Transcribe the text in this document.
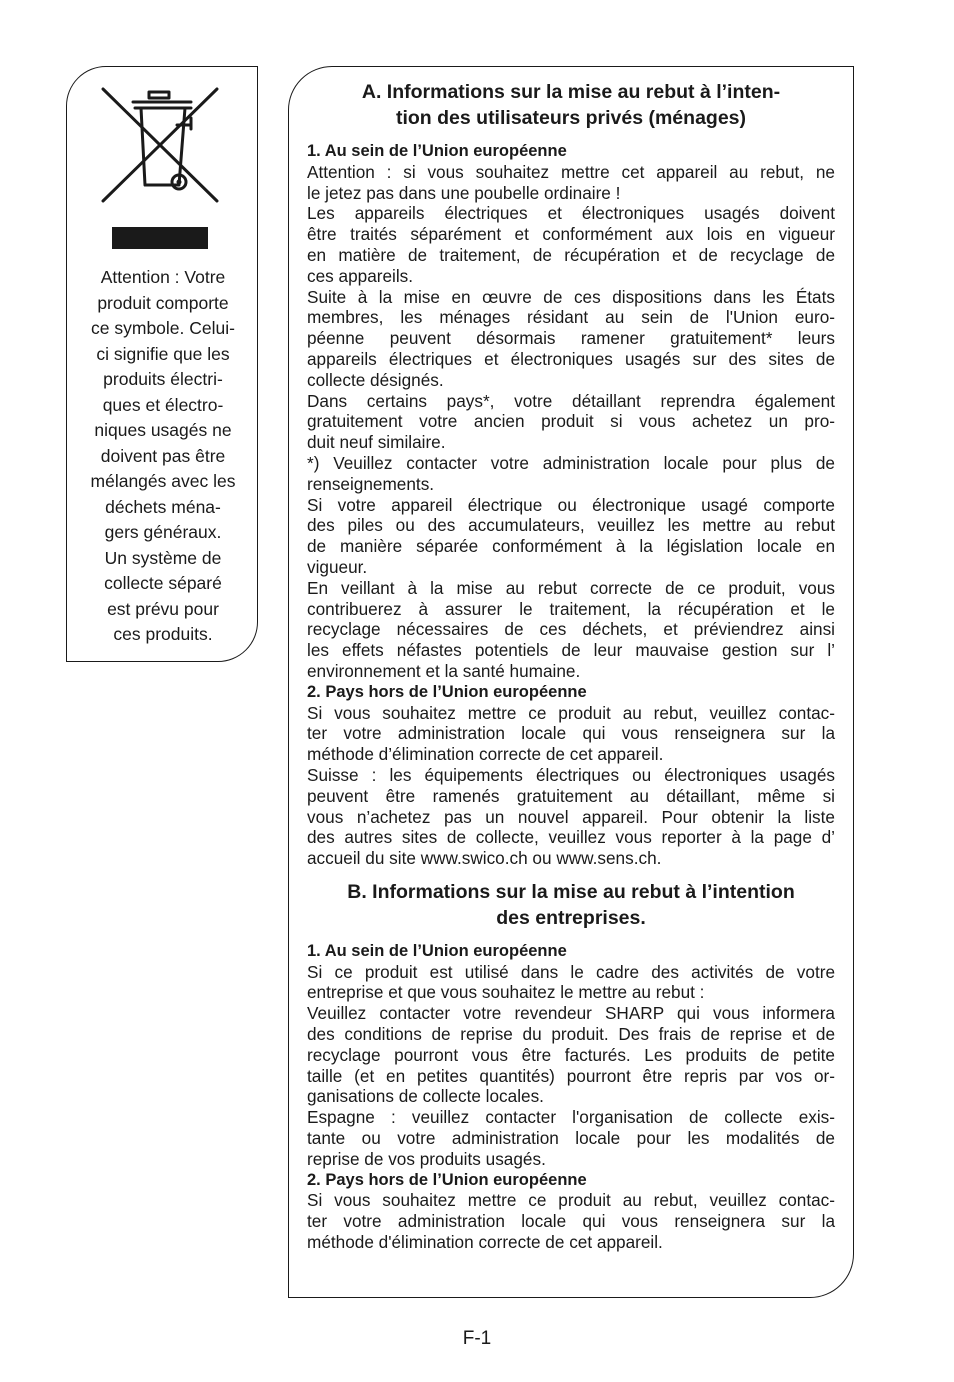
Attention : Votre
produit comporte
ce symbole. Celui-
ci signifie que les
produits électri-
ques et électro-
niques usagés ne
doivent pas être
mélangés avec les
déchets ména-
gers généraux.
Un système de
collecte séparé
est prévu pour
ces produits.
A. Informations sur la mise au rebut à l’inten-
tion des utilisateurs privés (ménages)
1. Au sein de l’Union européenne
Attention : si vous souhaitez mettre cet appareil au rebut, ne
le jetez pas dans une poubelle ordinaire !
Les appareils électriques et électroniques usagés doivent
être traités séparément et conformément aux lois en vigueur
en matière de traitement, de récupération et de recyclage de
ces appareils.
Suite à la mise en œuvre de ces dispositions dans les États
membres, les ménages résidant au sein de l'Union euro-
péenne peuvent désormais ramener gratuitement* leurs
appareils électriques et électroniques usagés sur des sites de
collecte désignés.
Dans certains pays*, votre détaillant reprendra également
gratuitement votre ancien produit si vous achetez un pro-
duit neuf similaire.
*) Veuillez contacter votre administration locale pour plus de
renseignements.
Si votre appareil électrique ou électronique usagé comporte
des piles ou des accumulateurs, veuillez les mettre au rebut
de manière séparée conformément à la législation locale en
vigueur.
En veillant à la mise au rebut correcte de ce produit, vous
contribuerez à assurer le traitement, la récupération et le
recyclage nécessaires de ces déchets, et préviendrez ainsi
les effets néfastes potentiels de leur mauvaise gestion sur l’
environnement et la santé humaine.
2. Pays hors de l’Union européenne
Si vous souhaitez mettre ce produit au rebut, veuillez contac-
ter votre administration locale qui vous renseignera sur la
méthode d’élimination correcte de cet appareil.
Suisse : les équipements électriques ou électroniques usagés
peuvent être ramenés gratuitement au détaillant, même si
vous n’achetez pas un nouvel appareil. Pour obtenir la liste
des autres sites de collecte, veuillez vous reporter à la page d’
accueil du site www.swico.ch ou www.sens.ch.
B. Informations sur la mise au rebut à l’intention
des entreprises.
1. Au sein de l’Union européenne
Si ce produit est utilisé dans le cadre des activités de votre
entreprise et que vous souhaitez le mettre au rebut :
Veuillez contacter votre revendeur SHARP qui vous informera
des conditions de reprise du produit. Des frais de reprise et de
recyclage pourront vous être facturés. Les produits de petite
taille (et en petites quantités) pourront être repris par vos or-
ganisations de collecte locales.
Espagne : veuillez contacter l'organisation de collecte exis-
tante ou votre administration locale pour les modalités de
reprise de vos produits usagés.
2. Pays hors de l’Union européenne
Si vous souhaitez mettre ce produit au rebut, veuillez contac-
ter votre administration locale qui vous renseignera sur la
méthode d'élimination correcte de cet appareil.
F-1
